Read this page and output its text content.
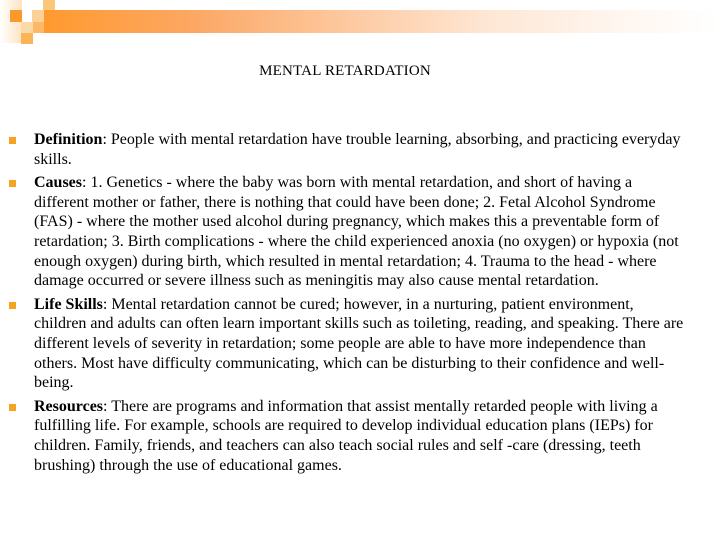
MENTAL RETARDATION
Definition: People with mental retardation have trouble learning, absorbing, and practicing everyday skills.
Causes: 1. Genetics - where the baby was born with mental retardation, and short of having a different mother or father, there is nothing that could have been done; 2. Fetal Alcohol Syndrome (FAS) - where the mother used alcohol during pregnancy, which makes this a preventable form of retardation; 3. Birth complications - where the child experienced anoxia (no oxygen) or hypoxia (not enough oxygen) during birth, which resulted in mental retardation; 4. Trauma to the head - where damage occurred or severe illness such as meningitis may also cause mental retardation.
Life Skills: Mental retardation cannot be cured; however, in a nurturing, patient environment, children and adults can often learn important skills such as toileting, reading, and speaking. There are different levels of severity in retardation; some people are able to have more independence than others. Most have difficulty communicating, which can be disturbing to their confidence and well-being.
Resources: There are programs and information that assist mentally retarded people with living a fulfilling life. For example, schools are required to develop individual education plans (IEPs) for children. Family, friends, and teachers can also teach social rules and self -care (dressing, teeth brushing) through the use of educational games.
